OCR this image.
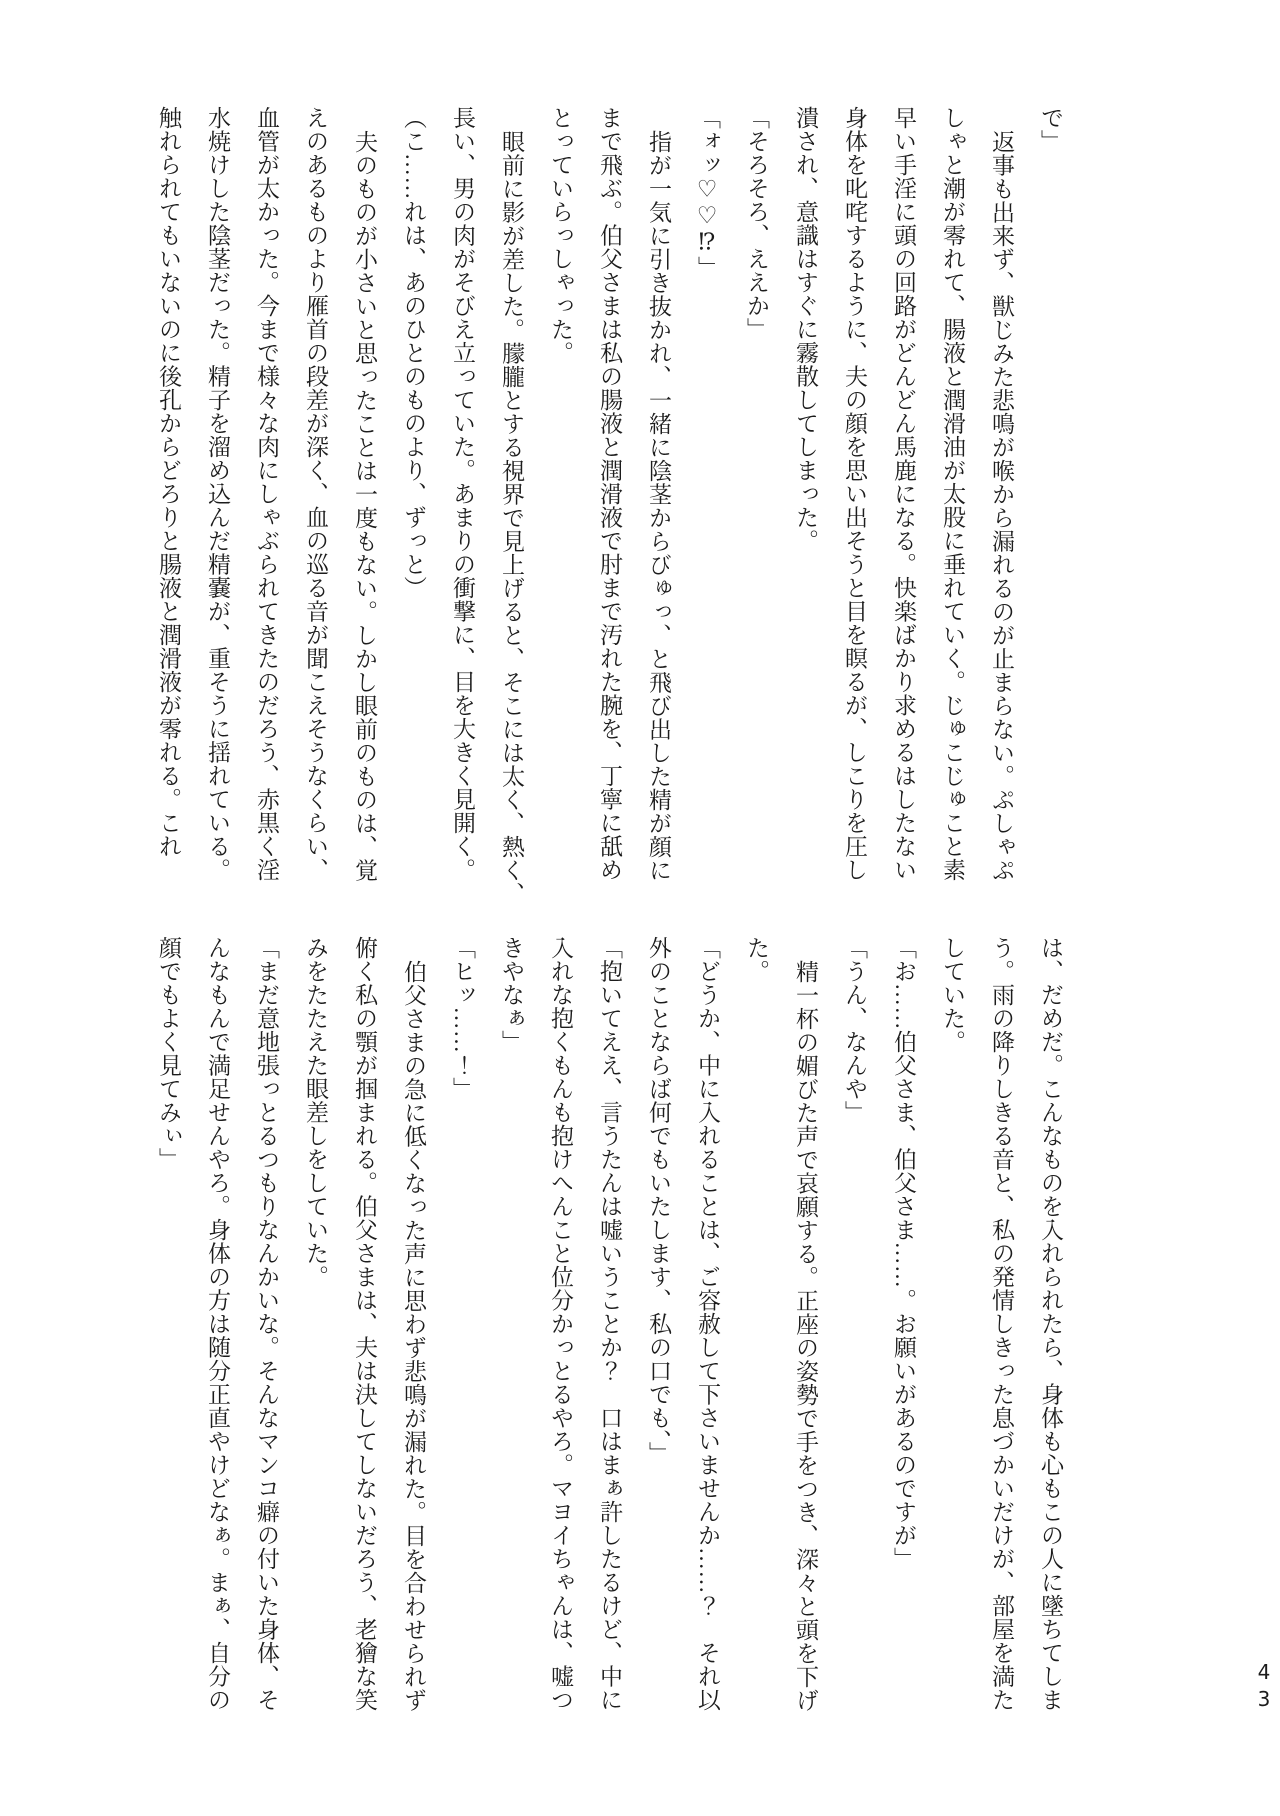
で」
返事も出来ず、獣じみた悲鳴が喉から漏れるのが止まらない。ぷしゃぷ
しゃと潮が零れて、腸液と潤滑油が太股に垂れていく。じゅこじゅこと素
早い手淫に頭の回路がどんどん馬鹿になる。快楽ばかり求めるはしたない
身体を叱咤するように、夫の顔を思い出そうと目を瞑るが、しこりを圧し
潰され、意識はすぐに霧散してしまった。
「そろそろ、ええか」
「ォッ♡♡⁉」
指が一気に引き抜かれ、一緒に陰茎からびゅっ、と飛び出した精が顔に
まで飛ぶ。伯父さまは私の腸液と潤滑液で肘まで汚れた腕を、丁寧に舐め
とっていらっしゃった。
眼前に影が差した。朦朧とする視界で見上げると、そこには太く、熱く、
長い、男の肉がそびえ立っていた。あまりの衝撃に、目を大きく見開く。
（こ……れは、あのひとのものより、ずっと）
夫のものが小さいと思ったことは一度もない。しかし眼前のものは、覚
えのあるものより雁首の段差が深く、血の巡る音が聞こえそうなくらい、
血管が太かった。今まで様々な肉にしゃぶられてきたのだろう、赤黒く淫
水焼けした陰茎だった。精子を溜め込んだ精嚢が、重そうに揺れている。
触れられてもいないのに後孔からどろりと腸液と潤滑液が零れる。これ
は、だめだ。こんなものを入れられたら、身体も心もこの人に墜ちてしま
う。雨の降りしきる音と、私の発情しきった息づかいだけが、部屋を満た
していた。
「お……伯父さま、伯父さま……。お願いがあるのですが」
「うん、なんや」
精一杯の媚びた声で哀願する。正座の姿勢で手をつき、深々と頭を下げ
た。
「どうか、中に入れることは、ご容赦して下さいませんか……？　それ以
外のことならば何でもいたします、私の口でも、」
「抱いてええ、言うたんは嘘いうことか？　口はまぁ許したるけど、中に
入れな抱くもんも抱けへんこと位分かっとるやろ。マヨイちゃんは、嘘つ
きやなぁ」
「ヒッ……！」
伯父さまの急に低くなった声に思わず悲鳴が漏れた。目を合わせられず
俯く私の顎が掴まれる。伯父さまは、夫は決してしないだろう、老獪な笑
みをたたえた眼差しをしていた。
「まだ意地張っとるつもりなんかいな。そんなマンコ癖の付いた身体、そ
んなもんで満足せんやろ。身体の方は随分正直やけどなぁ。まぁ、自分の
顔でもよく見てみぃ」
43
